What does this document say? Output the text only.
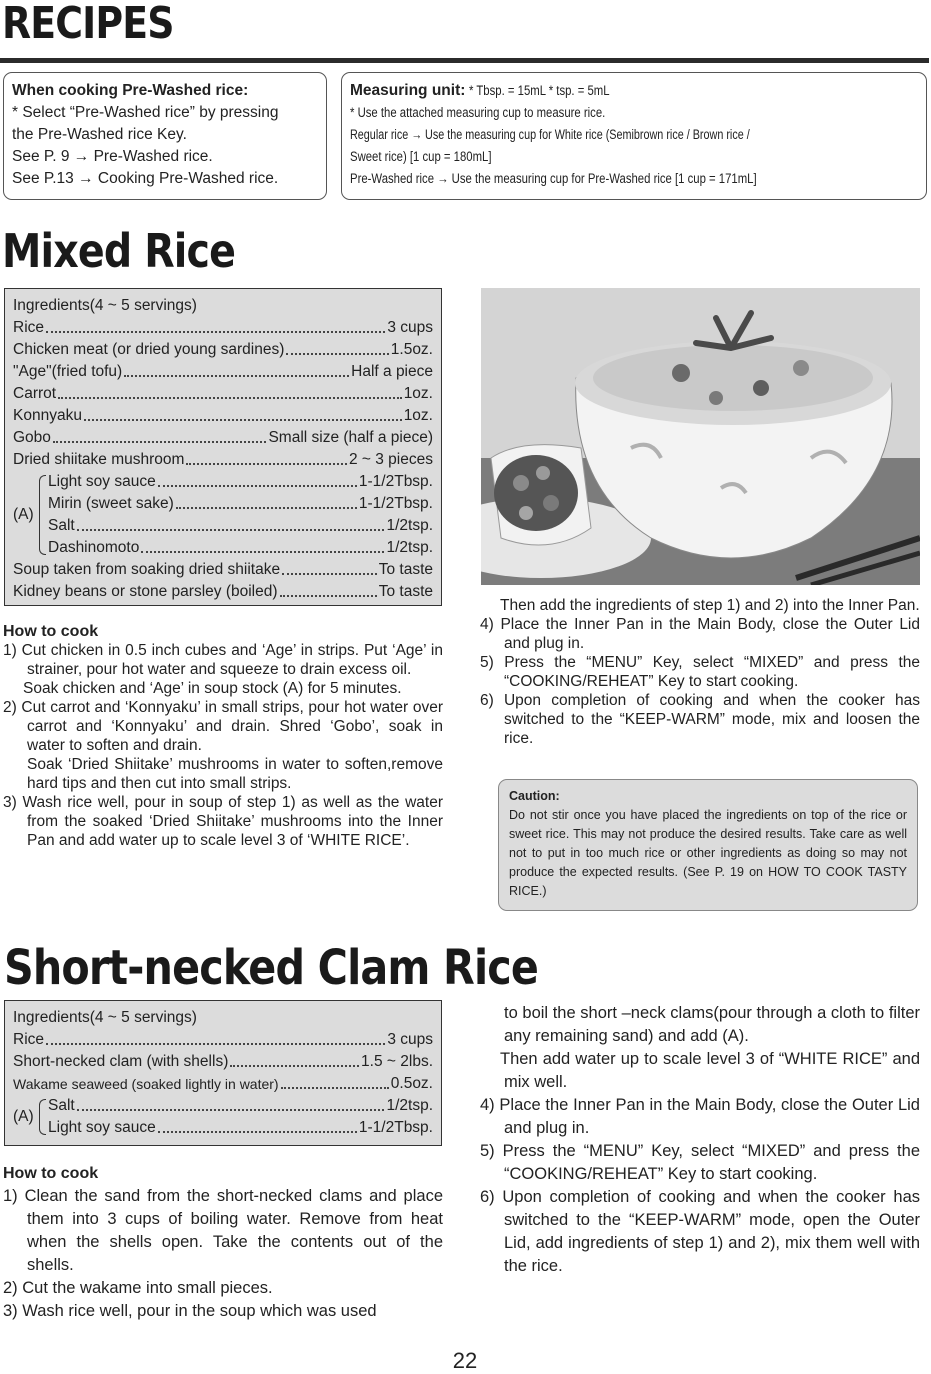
RECIPES
When cooking Pre-Washed rice:
* Select “Pre-Washed rice” by pressing
the Pre-Washed rice Key.
See P. 9 → Pre-Washed rice.
See P.13 → Cooking Pre-Washed rice.
Measuring unit: * Tbsp. = 15mL * tsp. = 5mL
* Use the attached measuring cup to measure rice. Regular rice → Use the measuring cup for White rice (Semibrown rice / Brown rice / Sweet rice) [1 cup = 180mL] Pre-Washed rice → Use the measuring cup for Pre-Washed rice [1 cup = 171mL]
Mixed Rice
Ingredients(4 ~ 5 servings)
Rice	3 cups
Chicken meat (or dried young sardines)	1.5oz.
"Age"(fried tofu)	Half a piece
Carrot	1oz.
Konnyaku	1oz.
Gobo	Small size (half a piece)
Dried shiitake mushroom	2 ~ 3 pieces
(A)
Light soy sauce	1-1/2Tbsp.
Mirin (sweet sake)	1-1/2Tbsp.
Salt	1/2tsp.
Dashinomoto	1/2tsp.
Soup taken from soaking dried shiitake	To taste
Kidney beans or stone parsley (boiled)	To taste
How to cook

1) Cut chicken in 0.5 inch cubes and ‘Age’ in strips. Put ‘Age’ in strainer, pour hot water and squeeze to drain excess oil.

Soak chicken and ‘Age’ in soup stock (A) for 5 minutes.

2) Cut carrot and ‘Konnyaku’ in small strips, pour hot water over carrot and ‘Konnyaku’ and drain. Shred ‘Gobo’, soak in water to soften and drain.

Soak ‘Dried Shiitake’ mushrooms in water to soften,remove hard tips and then cut into small strips.

3) Wash rice well, pour in soup of step 1) as well as the water from the soaked ‘Dried Shiitake’ mushrooms into the Inner Pan and add water up to scale level 3 of ‘WHITE RICE’.

Then add the ingredients of step 1) and 2) into the Inner Pan.

4) Place the Inner Pan in the Main Body, close the Outer Lid and plug in.

5) Press the “MENU” Key, select “MIXED” and press the “COOKING/REHEAT” Key to start cooking.

6) Upon completion of cooking and when the cooker has switched to the “KEEP-WARM” mode, mix and loosen the rice.

Caution:
Do not stir once you have placed the ingredients on top of the rice or sweet rice. This may not produce the desired results. Take care as well not to put in too much rice or other ingredients as doing so may not produce the expected results. (See P. 19 on HOW TO COOK TASTY RICE.)
Short-necked Clam Rice
Ingredients(4 ~ 5 servings)
Rice	3 cups
Short-necked clam (with shells)	1.5 ~ 2lbs.
Wakame seaweed (soaked lightly in water)	0.5oz.
(A)
Salt	1/2tsp.
Light soy sauce	1-1/2Tbsp.
How to cook

1) Clean the sand from the short-necked clams and place them into 3 cups of boiling water. Remove from heat when the shells open. Take the contents out of the shells.

2) Cut the wakame into small pieces.

3) Wash rice well, pour in the soup which was used

to boil the short –neck clams(pour through a cloth to filter any remaining sand) and add (A).

Then add water up to scale level 3 of “WHITE RICE” and mix well.

4) Place the Inner Pan in the Main Body, close the Outer Lid and plug in.

5) Press the “MENU” Key, select “MIXED” and press the “COOKING/REHEAT” Key to start cooking.

6) Upon completion of cooking and when the cooker has switched to the “KEEP-WARM” mode, open the Outer Lid, add ingredients of step 1) and 2), mix them well with the rice.

22
